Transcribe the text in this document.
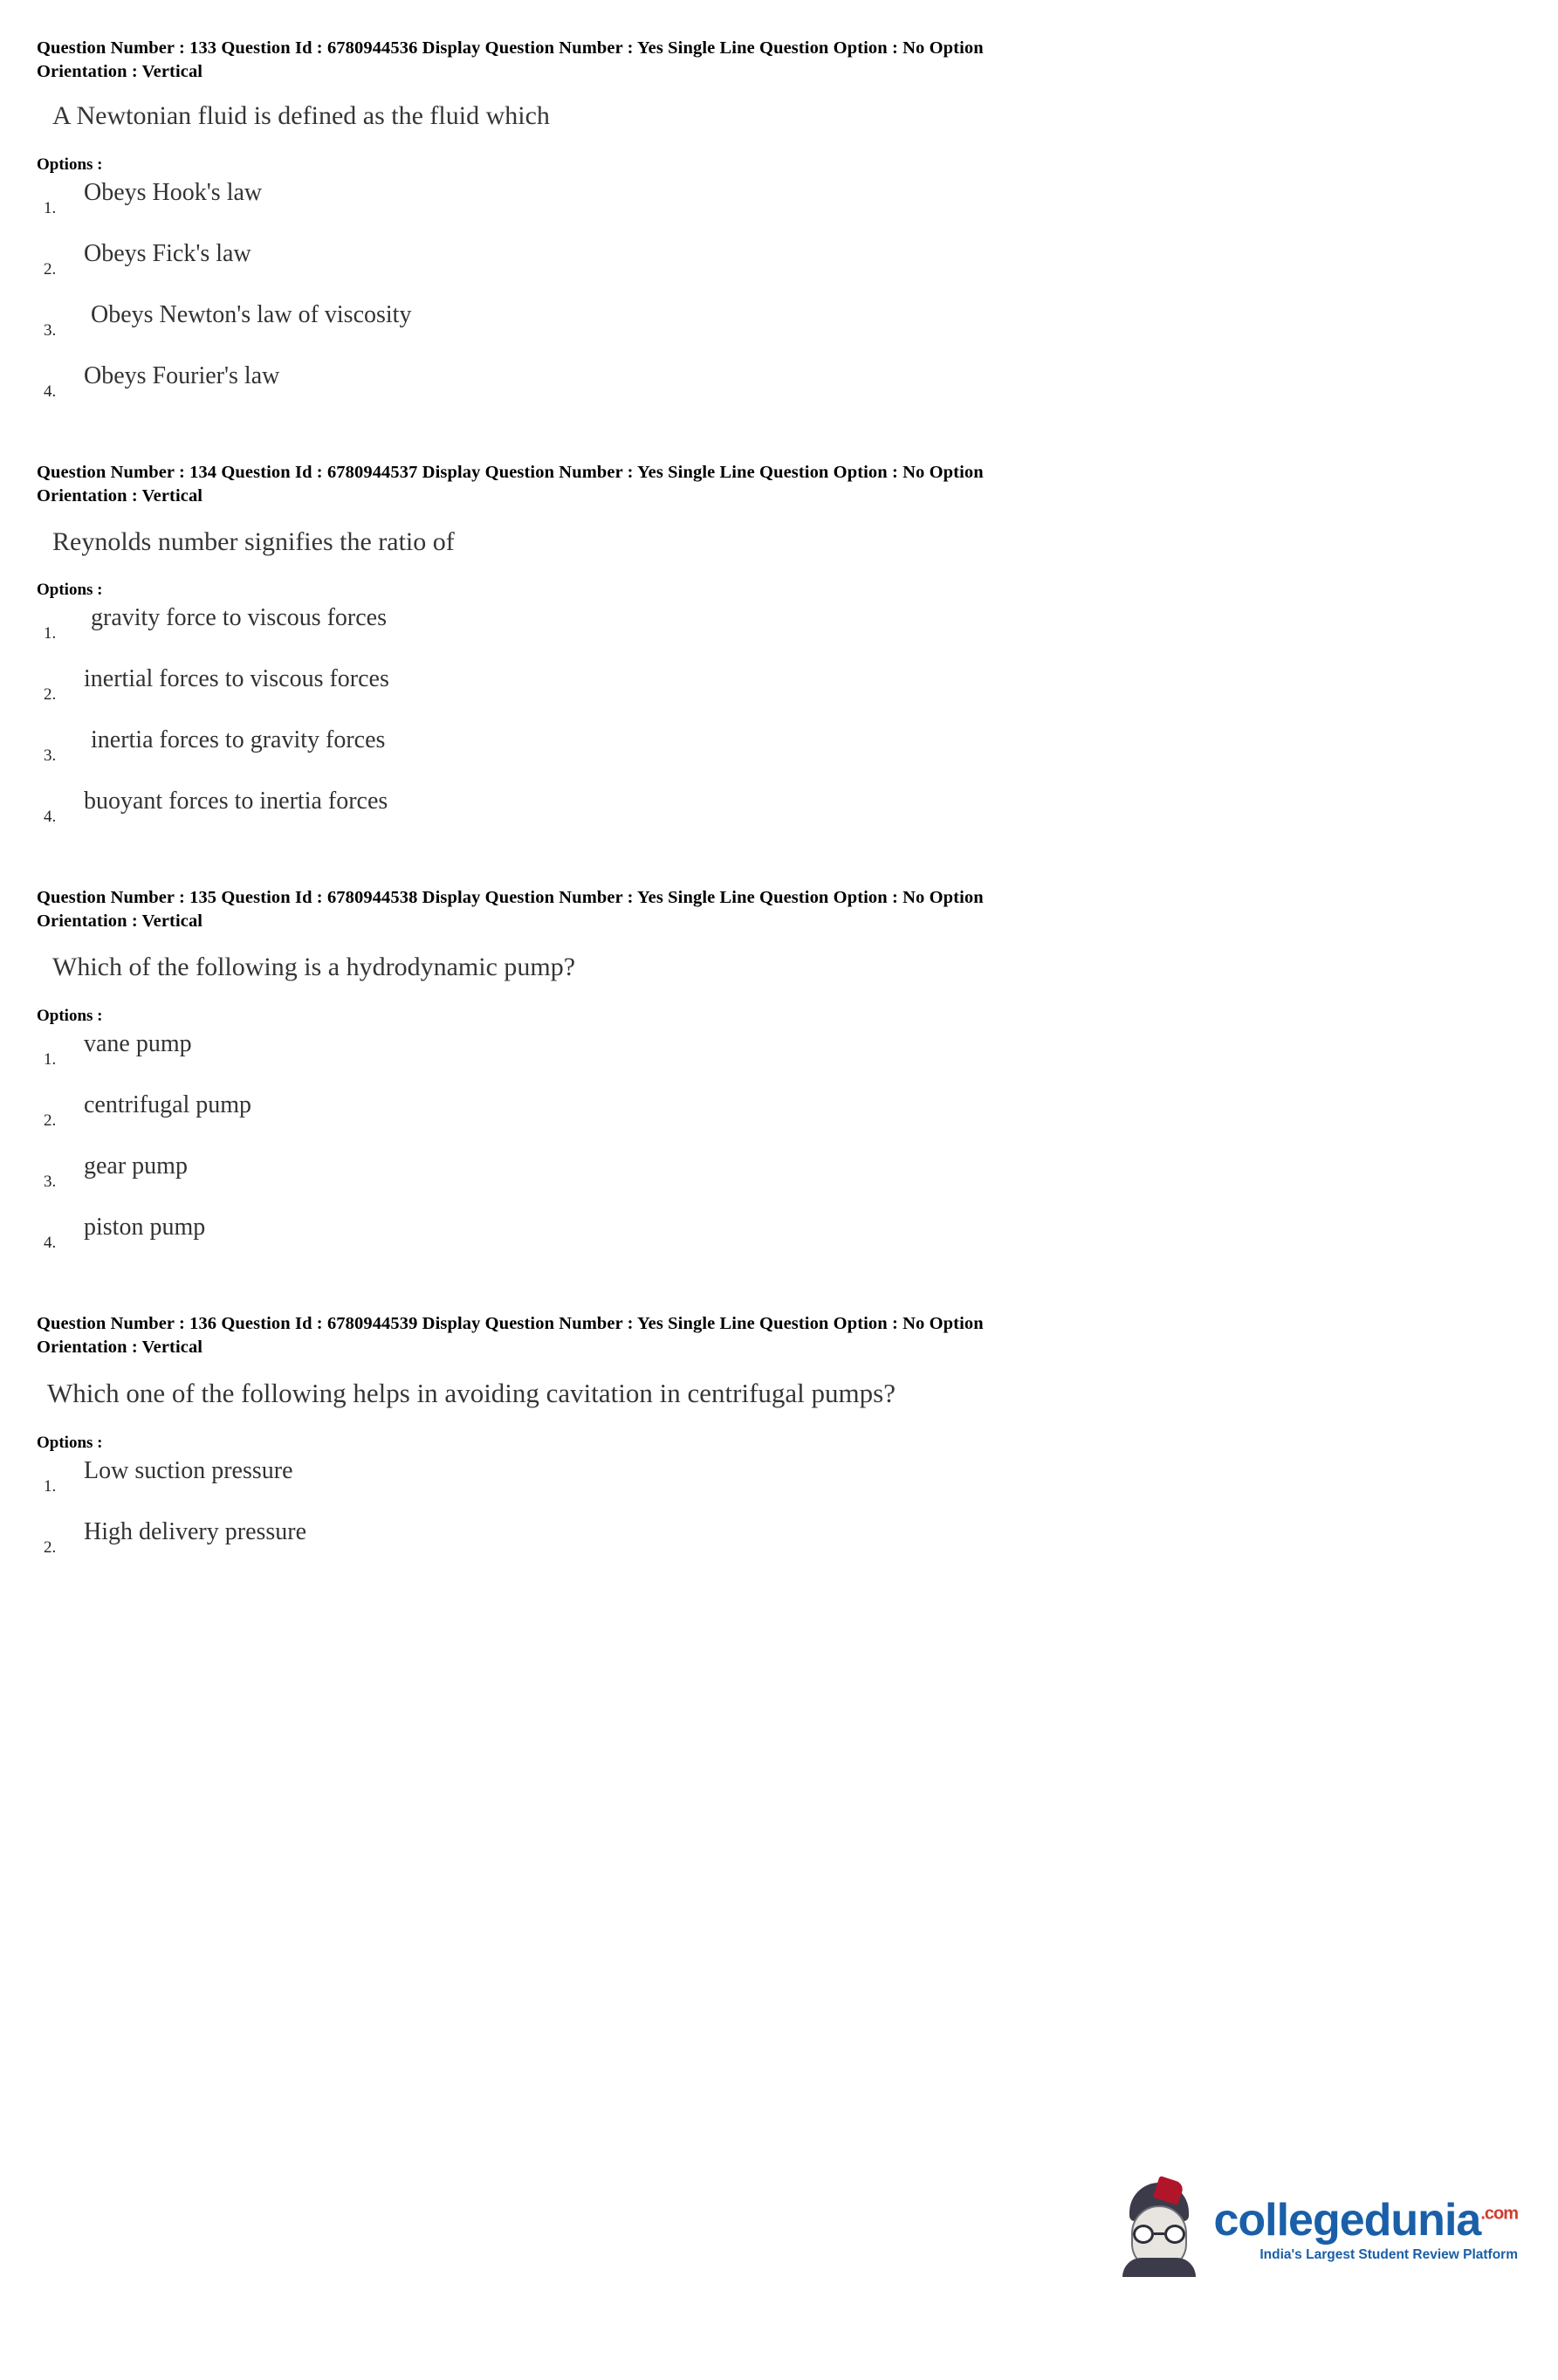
Question Number : 133 Question Id : 6780944536 Display Question Number : Yes Single Line Question Option : No Option
Orientation : Vertical
A Newtonian fluid is defined as the fluid which
Options :
1.
Obeys Hook's law
2.
Obeys Fick's law
3.
Obeys Newton's law of viscosity
4.
Obeys Fourier's law
Question Number : 134 Question Id : 6780944537 Display Question Number : Yes Single Line Question Option : No Option
Orientation : Vertical
Reynolds number signifies the ratio of
Options :
1.
gravity force to viscous forces
2.
inertial forces to viscous forces
3.
inertia forces to gravity forces
4.
buoyant forces to inertia forces
Question Number : 135 Question Id : 6780944538 Display Question Number : Yes Single Line Question Option : No Option
Orientation : Vertical
Which of the following is a hydrodynamic pump?
Options :
1.
vane pump
2.
centrifugal pump
3.
gear pump
4.
piston pump
Question Number : 136 Question Id : 6780944539 Display Question Number : Yes Single Line Question Option : No Option
Orientation : Vertical
Which one of the following helps in avoiding cavitation in centrifugal pumps?
Options :
1.
Low suction pressure
2.
High delivery pressure
collegedunia$^{.com}$
India's Largest Student Review Platform
